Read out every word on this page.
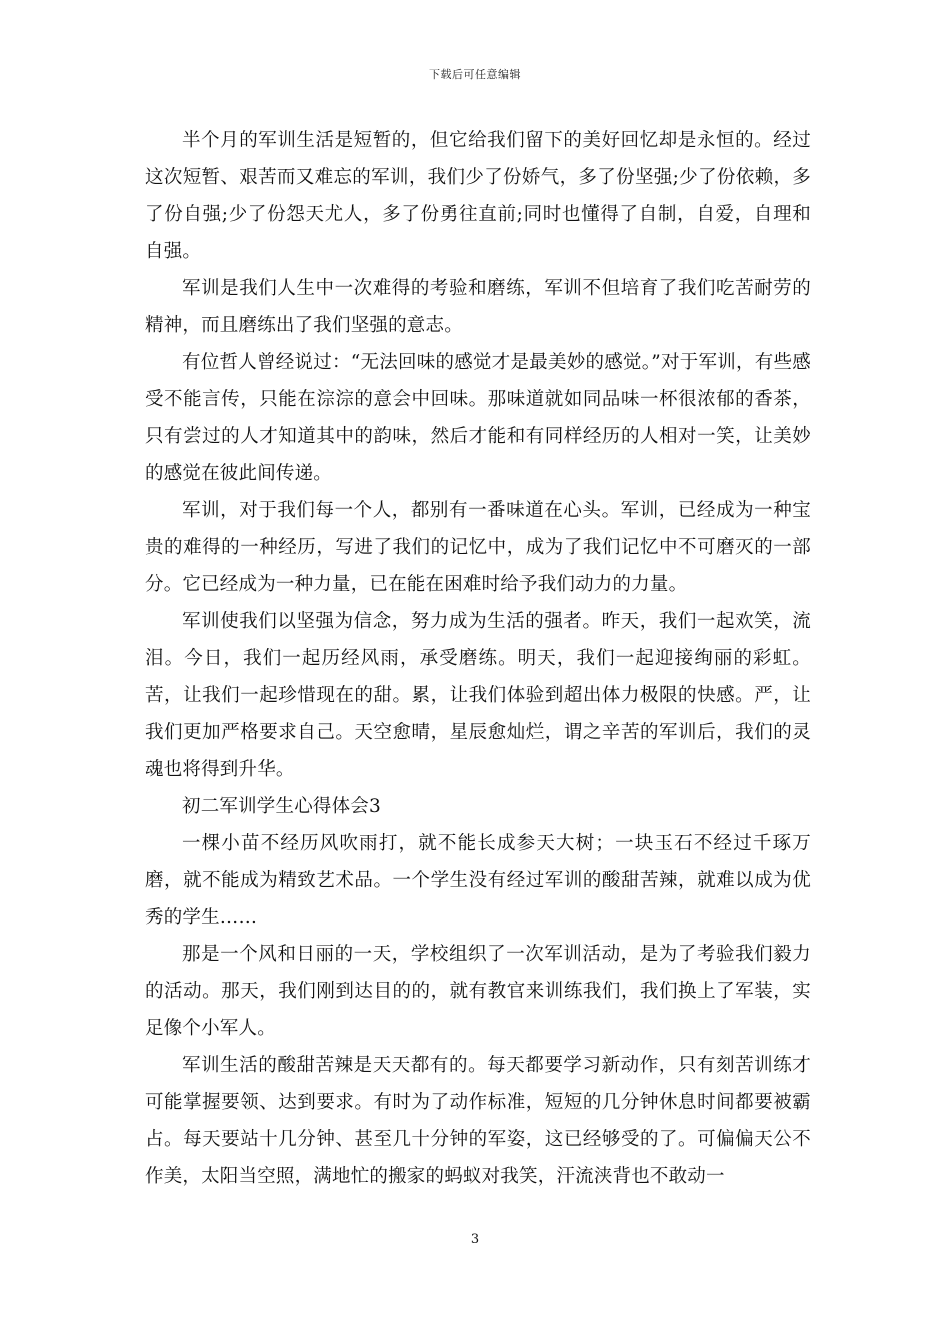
下载后可任意编辑

半个月的军训生活是短暂的，但它给我们留下的美好回忆却是永恒的。经过这次短暂、艰苦而又难忘的军训，我们少了份娇气，多了份坚强;少了份依赖，多了份自强;少了份怨天尤人，多了份勇往直前;同时也懂得了自制，自爱，自理和自强。

军训是我们人生中一次难得的考验和磨练，军训不但培育了我们吃苦耐劳的精神，而且磨练出了我们坚强的意志。

有位哲人曾经说过：“无法回味的感觉才是最美妙的感觉。”对于军训，有些感受不能言传，只能在淙淙的意会中回味。那味道就如同品味一杯很浓郁的香茶，只有尝过的人才知道其中的韵味，然后才能和有同样经历的人相对一笑，让美妙的感觉在彼此间传递。

军训，对于我们每一个人，都别有一番味道在心头。军训，已经成为一种宝贵的难得的一种经历，写进了我们的记忆中，成为了我们记忆中不可磨灭的一部分。它已经成为一种力量，已在能在困难时给予我们动力的力量。

军训使我们以坚强为信念，努力成为生活的强者。昨天，我们一起欢笑，流泪。今日，我们一起历经风雨，承受磨练。明天，我们一起迎接绚丽的彩虹。苦，让我们一起珍惜现在的甜。累，让我们体验到超出体力极限的快感。严，让我们更加严格要求自己。天空愈晴，星辰愈灿烂，谓之辛苦的军训后，我们的灵魂也将得到升华。

初二军训学生心得体会3

一棵小苗不经历风吹雨打，就不能长成参天大树；一块玉石不经过千琢万磨，就不能成为精致艺术品。一个学生没有经过军训的酸甜苦辣，就难以成为优秀的学生……

那是一个风和日丽的一天，学校组织了一次军训活动，是为了考验我们毅力的活动。那天，我们刚到达目的的，就有教官来训练我们，我们换上了军装，实足像个小军人。

军训生活的酸甜苦辣是天天都有的。每天都要学习新动作，只有刻苦训练才可能掌握要领、达到要求。有时为了动作标准，短短的几分钟休息时间都要被霸占。每天要站十几分钟、甚至几十分钟的军姿，这已经够受的了。可偏偏天公不作美，太阳当空照，满地忙的搬家的蚂蚁对我笑，汗流浃背也不敢动一

3
